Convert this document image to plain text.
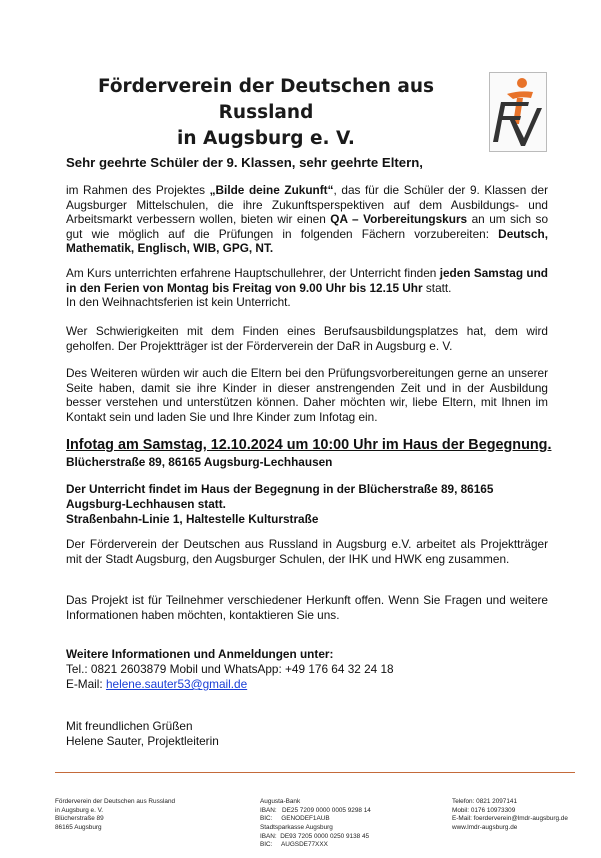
Förderverein der Deutschen aus Russland
in Augsburg e. V.
Sehr geehrte Schüler der 9. Klassen, sehr geehrte Eltern,
im Rahmen des Projektes „Bilde deine Zukunft“, das für die Schüler der 9. Klassen der Augsburger Mittelschulen, die ihre Zukunftsperspektiven auf dem Ausbildungs- und Arbeitsmarkt verbessern wollen, bieten wir einen QA – Vorbereitungskurs an um sich so gut wie möglich auf die Prüfungen in folgenden Fächern vorzubereiten: Deutsch, Mathematik, Englisch, WIB, GPG, NT.
Am Kurs unterrichten erfahrene Hauptschullehrer, der Unterricht finden jeden Samstag und in den Ferien von Montag bis Freitag von 9.00 Uhr bis 12.15 Uhr statt.
In den Weihnachtsferien ist kein Unterricht.
Wer Schwierigkeiten mit dem Finden eines Berufsausbildungsplatzes hat, dem wird geholfen. Der Projektträger ist der Förderverein der DaR in Augsburg e. V.
Des Weiteren würden wir auch die Eltern bei den Prüfungsvorbereitungen gerne an unserer Seite haben, damit sie ihre Kinder in dieser anstrengenden Zeit und in der Ausbildung besser verstehen und unterstützen können. Daher möchten wir, liebe Eltern, mit Ihnen im Kontakt sein und laden Sie und Ihre Kinder zum Infotag ein.
Infotag am Samstag, 12.10.2024 um 10:00 Uhr im Haus der Begegnung.
Blücherstraße 89, 86165 Augsburg-Lechhausen
Der Unterricht findet im Haus der Begegnung in der Blücherstraße 89, 86165
Augsburg-Lechhausen statt.
Straßenbahn-Linie 1, Haltestelle Kulturstraße
Der Förderverein der Deutschen aus Russland in Augsburg e.V. arbeitet als Projektträger mit der Stadt Augsburg, den Augsburger Schulen, der IHK und HWK eng zusammen.
Das Projekt ist für Teilnehmer verschiedener Herkunft offen. Wenn Sie Fragen und weitere Informationen haben möchten, kontaktieren Sie uns.
Weitere Informationen und Anmeldungen unter:
Tel.: 0821 2603879 Mobil und WhatsApp: +49 176 64 32 24 18
E-Mail: helene.sauter53@gmail.de
Mit freundlichen Grüßen
Helene Sauter, Projektleiterin

Förderverein der Deutschen aus Russland
in Augsburg e. V.
Blücherstraße 89
86165 Augsburg

Augusta-Bank
IBAN:   DE25 7209 0000 0005 9298 14
BIC:     GENODEF1AUB
Stadtsparkasse Augsburg
IBAN:  DE93 7205 0000 0250 9138 45
BIC:     AUGSDE77XXX

Telefon: 0821 2097141
Mobil: 0176 10973309
E-Mail: foerderverein@lmdr-augsburg.de
www.lmdr-augsburg.de
